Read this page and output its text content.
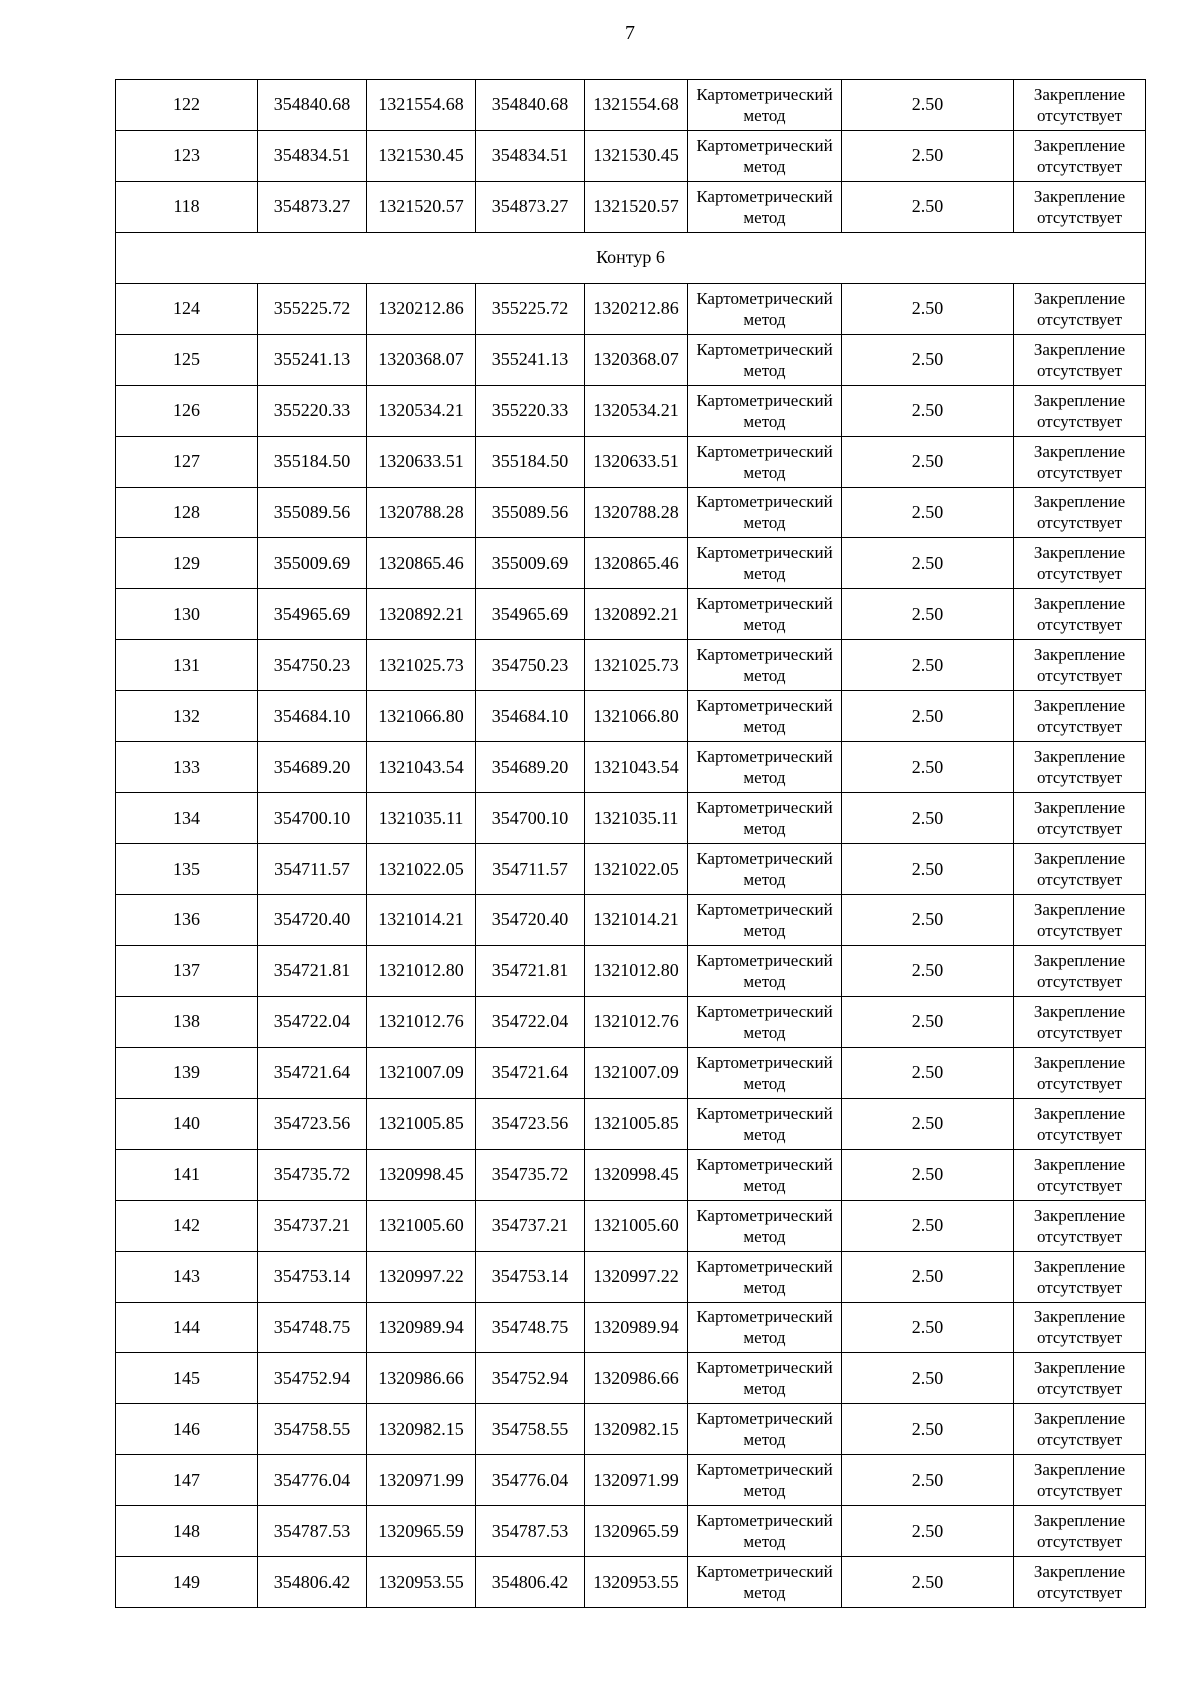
7
122	354840.68	1321554.68	354840.68	1321554.68	Картометрический метод	2.50	Закрепление отсутствует
123	354834.51	1321530.45	354834.51	1321530.45	Картометрический метод	2.50	Закрепление отсутствует
118	354873.27	1321520.57	354873.27	1321520.57	Картометрический метод	2.50	Закрепление отсутствует
Контур 6							
124	355225.72	1320212.86	355225.72	1320212.86	Картометрический метод	2.50	Закрепление отсутствует
125	355241.13	1320368.07	355241.13	1320368.07	Картометрический метод	2.50	Закрепление отсутствует
126	355220.33	1320534.21	355220.33	1320534.21	Картометрический метод	2.50	Закрепление отсутствует
127	355184.50	1320633.51	355184.50	1320633.51	Картометрический метод	2.50	Закрепление отсутствует
128	355089.56	1320788.28	355089.56	1320788.28	Картометрический метод	2.50	Закрепление отсутствует
129	355009.69	1320865.46	355009.69	1320865.46	Картометрический метод	2.50	Закрепление отсутствует
130	354965.69	1320892.21	354965.69	1320892.21	Картометрический метод	2.50	Закрепление отсутствует
131	354750.23	1321025.73	354750.23	1321025.73	Картометрический метод	2.50	Закрепление отсутствует
132	354684.10	1321066.80	354684.10	1321066.80	Картометрический метод	2.50	Закрепление отсутствует
133	354689.20	1321043.54	354689.20	1321043.54	Картометрический метод	2.50	Закрепление отсутствует
134	354700.10	1321035.11	354700.10	1321035.11	Картометрический метод	2.50	Закрепление отсутствует
135	354711.57	1321022.05	354711.57	1321022.05	Картометрический метод	2.50	Закрепление отсутствует
136	354720.40	1321014.21	354720.40	1321014.21	Картометрический метод	2.50	Закрепление отсутствует
137	354721.81	1321012.80	354721.81	1321012.80	Картометрический метод	2.50	Закрепление отсутствует
138	354722.04	1321012.76	354722.04	1321012.76	Картометрический метод	2.50	Закрепление отсутствует
139	354721.64	1321007.09	354721.64	1321007.09	Картометрический метод	2.50	Закрепление отсутствует
140	354723.56	1321005.85	354723.56	1321005.85	Картометрический метод	2.50	Закрепление отсутствует
141	354735.72	1320998.45	354735.72	1320998.45	Картометрический метод	2.50	Закрепление отсутствует
142	354737.21	1321005.60	354737.21	1321005.60	Картометрический метод	2.50	Закрепление отсутствует
143	354753.14	1320997.22	354753.14	1320997.22	Картометрический метод	2.50	Закрепление отсутствует
144	354748.75	1320989.94	354748.75	1320989.94	Картометрический метод	2.50	Закрепление отсутствует
145	354752.94	1320986.66	354752.94	1320986.66	Картометрический метод	2.50	Закрепление отсутствует
146	354758.55	1320982.15	354758.55	1320982.15	Картометрический метод	2.50	Закрепление отсутствует
147	354776.04	1320971.99	354776.04	1320971.99	Картометрический метод	2.50	Закрепление отсутствует
148	354787.53	1320965.59	354787.53	1320965.59	Картометрический метод	2.50	Закрепление отсутствует
149	354806.42	1320953.55	354806.42	1320953.55	Картометрический метод	2.50	Закрепление отсутствует
